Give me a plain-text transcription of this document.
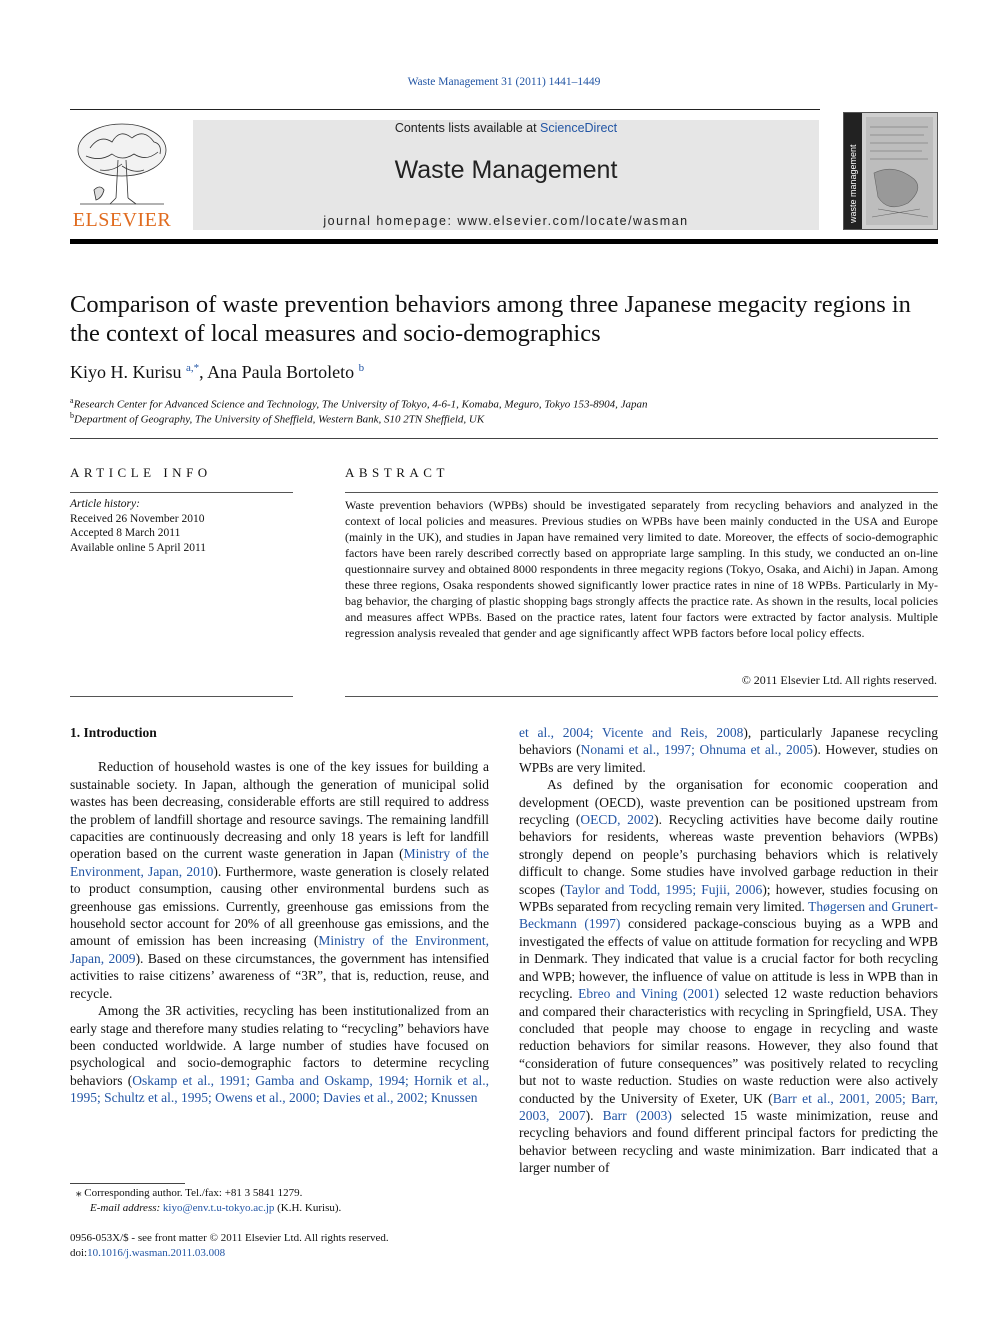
Waste Management 31 (2011) 1441–1449
ELSEVIER
Contents lists available at ScienceDirect
Waste Management
journal homepage: www.elsevier.com/locate/wasman	waste management
Comparison of waste prevention behaviors among three Japanese megacity regions in the context of local measures and socio-demographics
Kiyo H. Kurisu $^{a,*}$, Ana Paula Bortoleto $^b$
$^a$Research Center for Advanced Science and Technology, The University of Tokyo, 4-6-1, Komaba, Meguro, Tokyo 153-8904, Japan
$^b$Department of Geography, The University of Sheffield, Western Bank, S10 2TN Sheffield, UK
ARTICLE INFO
Article history:
Received 26 November 2010
Accepted 8 March 2011
Available online 5 April 2011
ABSTRACT
Waste prevention behaviors (WPBs) should be investigated separately from recycling behaviors and analyzed in the context of local policies and measures. Previous studies on WPBs have been mainly conducted in the USA and Europe (mainly in the UK), and studies in Japan have remained very limited to date. Moreover, the effects of socio-demographic factors have been rarely described correctly based on appropriate large sampling. In this study, we conducted an on-line questionnaire survey and obtained 8000 respondents in three megacity regions (Tokyo, Osaka, and Aichi) in Japan. Among these three regions, Osaka respondents showed significantly lower practice rates in nine of 18 WPBs. Particularly in My-bag behavior, the charging of plastic shopping bags strongly affects the practice rate. As shown in the results, local policies and measures affect WPBs. Based on the practice rates, latent four factors were extracted by factor analysis. Multiple regression analysis revealed that gender and age significantly affect WPB factors before local policy effects.
© 2011 Elsevier Ltd. All rights reserved.
1. Introduction

Reduction of household wastes is one of the key issues for building a sustainable society. In Japan, although the generation of municipal solid wastes has been decreasing, considerable efforts are still required to address the problem of landfill shortage and resource savings. The remaining landfill capacities are continuously decreasing and only 18 years is left for landfill operation based on the current waste generation in Japan (Ministry of the Environment, Japan, 2010). Furthermore, waste generation is closely related to product consumption, causing other environmental burdens such as greenhouse gas emissions. Currently, greenhouse gas emissions from the household sector account for 20% of all greenhouse gas emissions, and the amount of emission has been increasing (Ministry of the Environment, Japan, 2009). Based on these circumstances, the government has intensified activities to raise citizens’ awareness of “3R”, that is, reduction, reuse, and recycle.

Among the 3R activities, recycling has been institutionalized from an early stage and therefore many studies relating to “recycling” behaviors have been conducted worldwide. A large number of studies have focused on psychological and socio-demographic factors to determine recycling behaviors (Oskamp et al., 1991; Gamba and Oskamp, 1994; Hornik et al., 1995; Schultz et al., 1995; Owens et al., 2000; Davies et al., 2002; Knussen

et al., 2004; Vicente and Reis, 2008), particularly Japanese recycling behaviors (Nonami et al., 1997; Ohnuma et al., 2005). However, studies on WPBs are very limited.

As defined by the organisation for economic cooperation and development (OECD), waste prevention can be positioned upstream from recycling (OECD, 2002). Recycling activities have become daily routine behaviors for residents, whereas waste prevention behaviors (WPBs) strongly depend on people’s purchasing behaviors which is relatively difficult to change. Some studies have involved garbage reduction in their scopes (Taylor and Todd, 1995; Fujii, 2006); however, studies focusing on WPBs separated from recycling remain very limited. Thøgersen and Grunert-Beckmann (1997) considered package-conscious buying as a WPB and investigated the effects of value on attitude formation for recycling and WPB in Denmark. They indicated that value is a crucial factor for both recycling and WPB; however, the influence of value on attitude is less in WPB than in recycling. Ebreo and Vining (2001) selected 12 waste reduction behaviors and compared their characteristics with recycling in Springfield, USA. They concluded that people may choose to engage in recycling and waste reduction behaviors for similar reasons. However, they also found that “consideration of future consequences” was positively related to recycling but not to waste reduction. Studies on waste reduction were also actively conducted by the University of Exeter, UK (Barr et al., 2001, 2005; Barr, 2003, 2007). Barr (2003) selected 15 waste minimization, reuse and recycling behaviors and found different principal factors for predicting the behavior between recycling and waste minimization. Barr indicated that a larger number of

⁎ Corresponding author. Tel./fax: +81 3 5841 1279.
E-mail address: kiyo@env.t.u-tokyo.ac.jp (K.H. Kurisu).
0956-053X/$ - see front matter © 2011 Elsevier Ltd. All rights reserved.
doi:10.1016/j.wasman.2011.03.008
